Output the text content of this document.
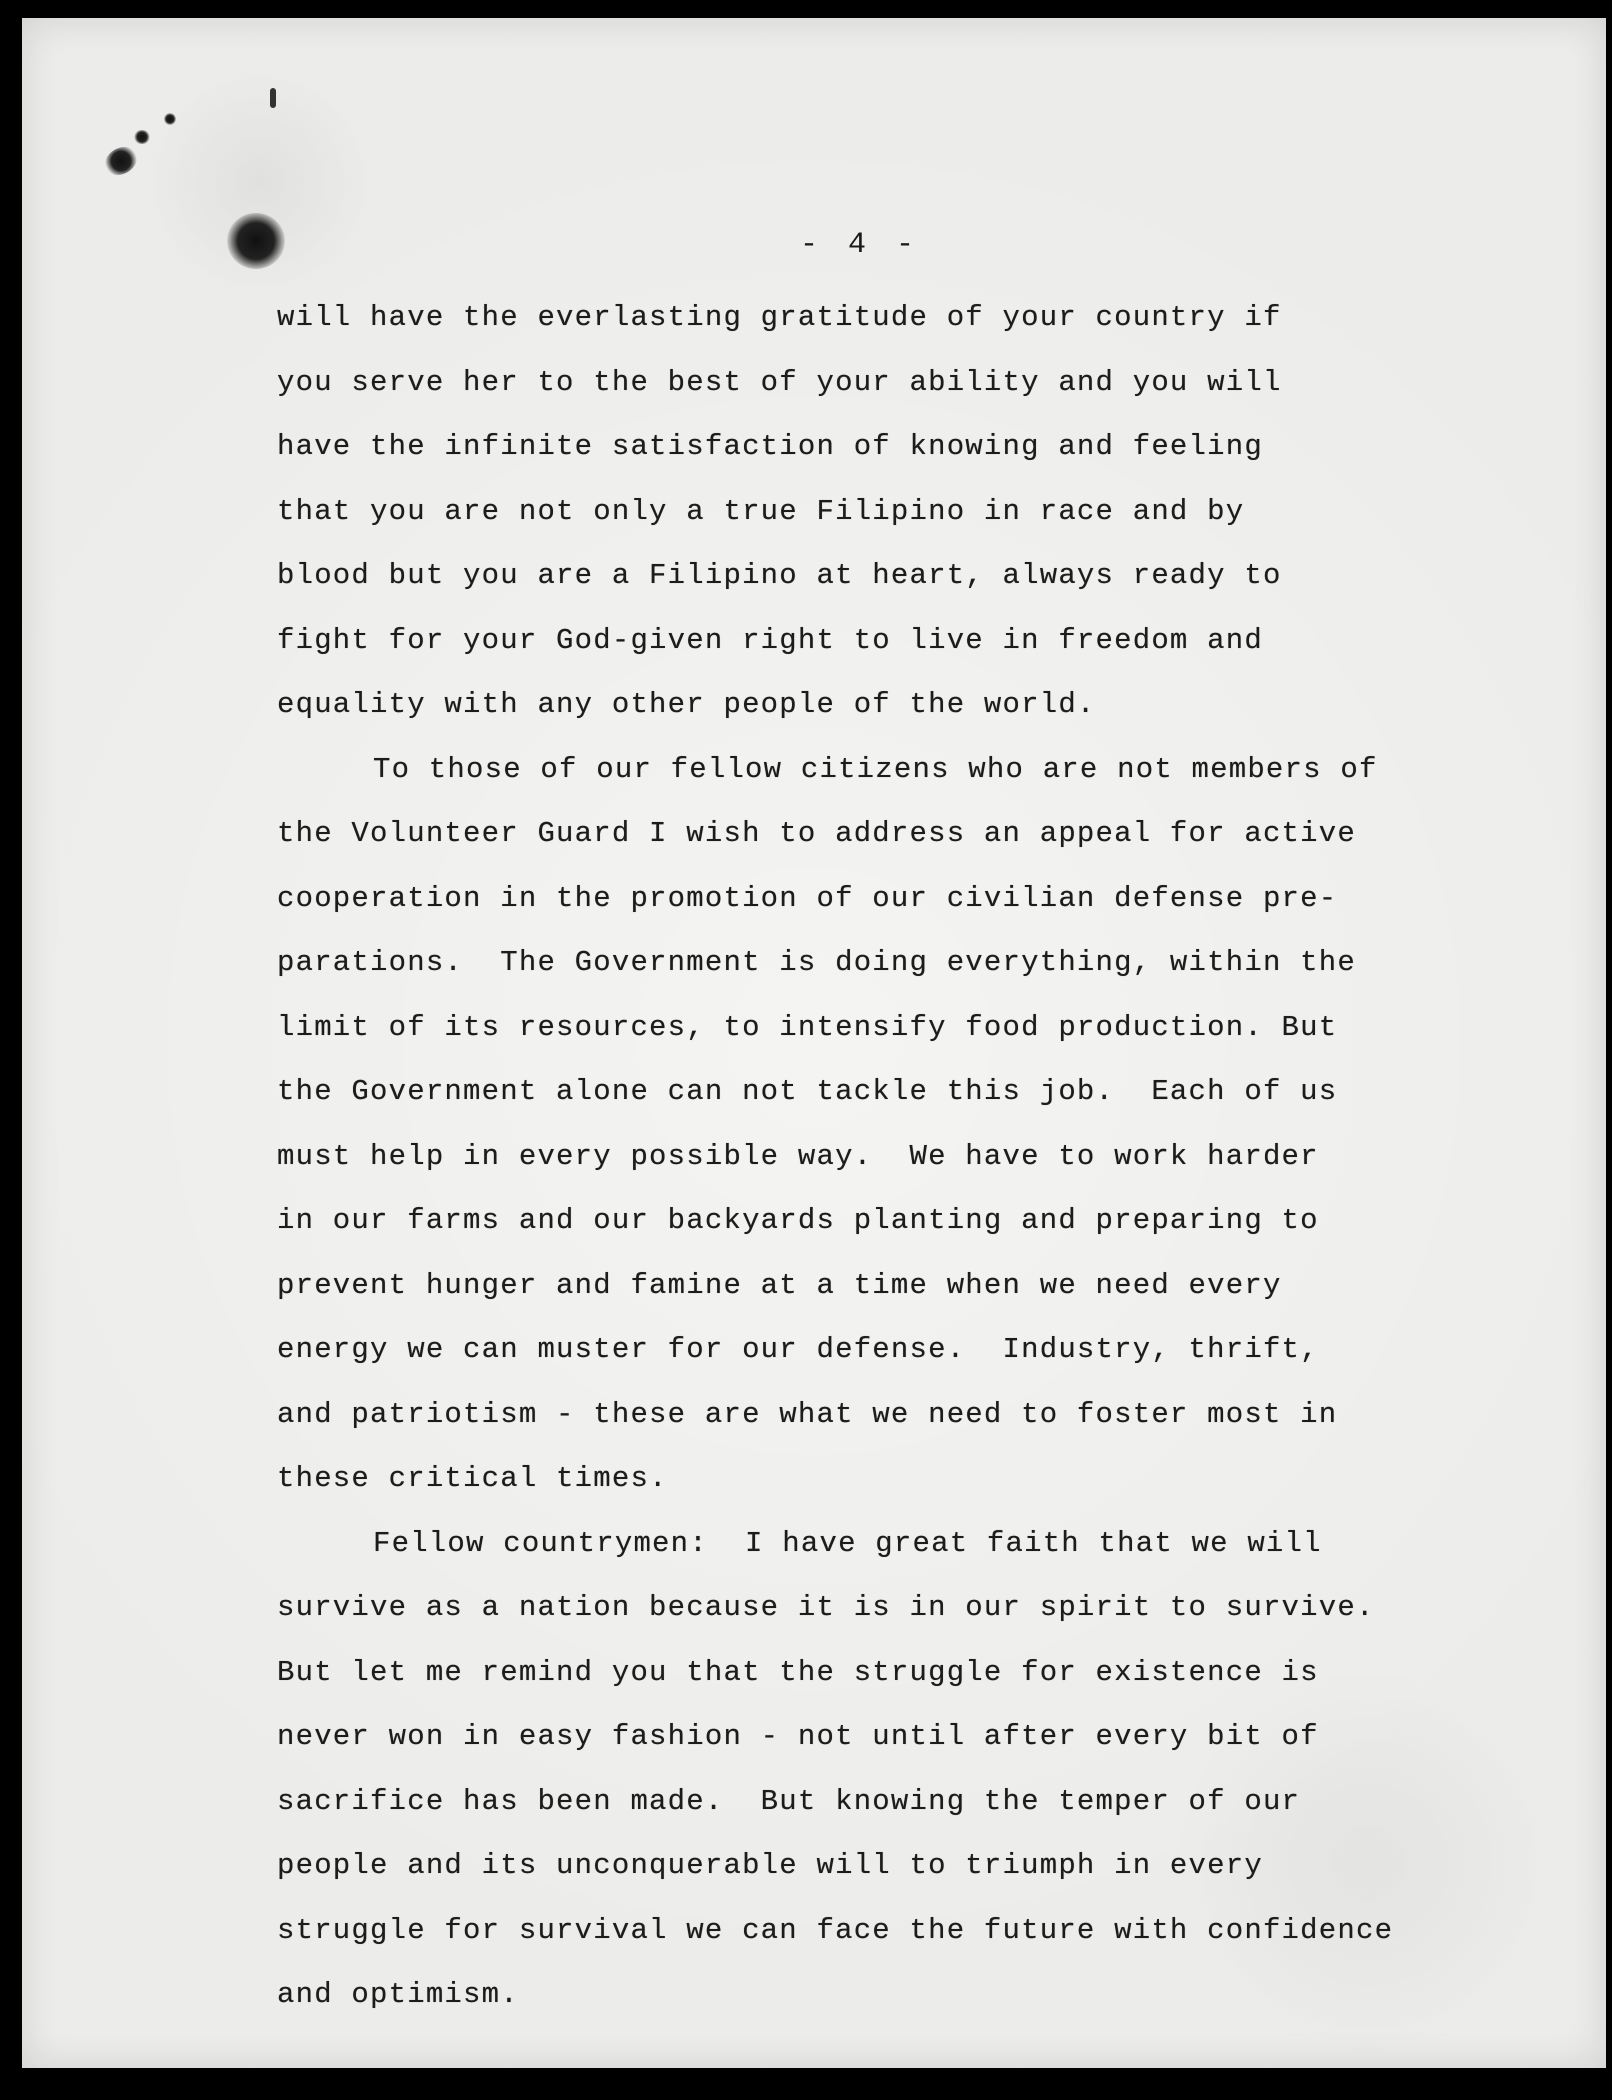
- 4 -
will have the everlasting gratitude of your country if
you serve her to the best of your ability and you will
have the infinite satisfaction of knowing and feeling
that you are not only a true Filipino in race and by
blood but you are a Filipino at heart, always ready to
fight for your God-given right to live in freedom and
equality with any other people of the world.
To those of our fellow citizens who are not members of
the Volunteer Guard I wish to address an appeal for active
cooperation in the promotion of our civilian defense pre-
parations.  The Government is doing everything, within the
limit of its resources, to intensify food production. But
the Government alone can not tackle this job.  Each of us
must help in every possible way.  We have to work harder
in our farms and our backyards planting and preparing to
prevent hunger and famine at a time when we need every
energy we can muster for our defense.  Industry, thrift,
and patriotism - these are what we need to foster most in
these critical times.
Fellow countrymen:  I have great faith that we will
survive as a nation because it is in our spirit to survive.
But let me remind you that the struggle for existence is
never won in easy fashion - not until after every bit of
sacrifice has been made.  But knowing the temper of our
people and its unconquerable will to triumph in every
struggle for survival we can face the future with confidence
and optimism.
